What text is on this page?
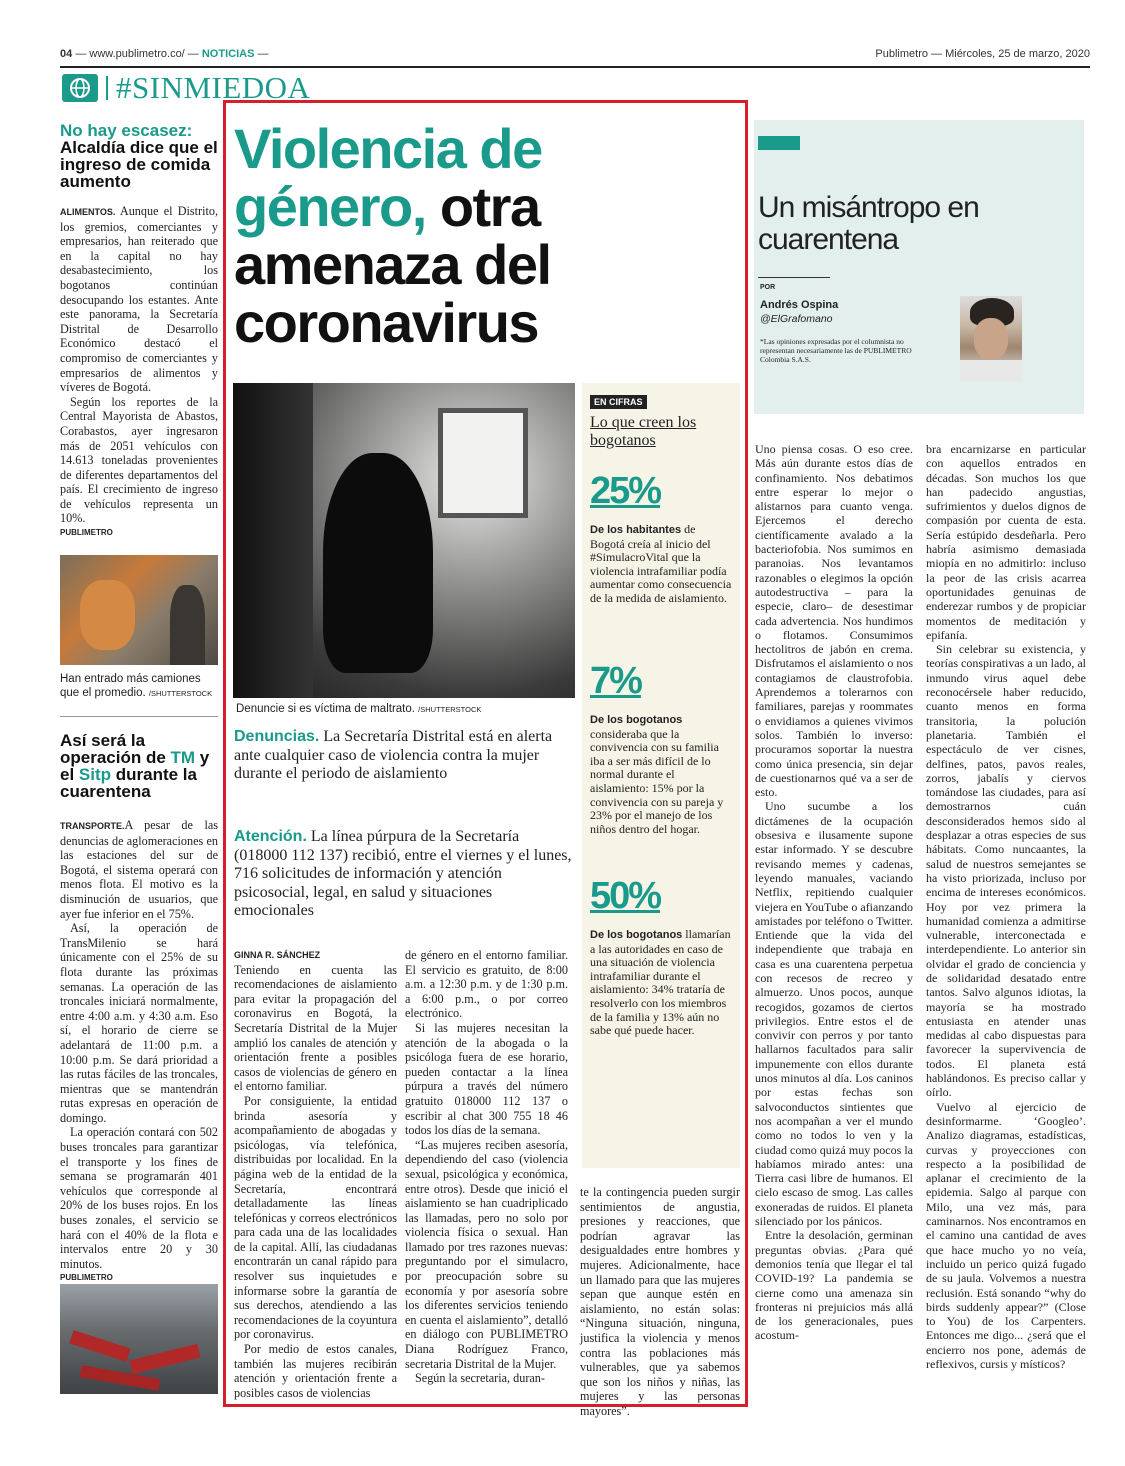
04 — www.publimetro.co/ — NOTICIAS —	Publimetro — Miércoles, 25 de marzo, 2020
#SINMIEDOA
No hay escasez:
Alcaldía dice que el ingreso de comida aumento

ALIMENTOS. Aunque el Distrito, los gremios, comerciantes y empresarios, han reiterado que en la capital no hay desabastecimiento, los bogotanos continúan desocupando los estantes. Ante este panorama, la Secretaría Distrital de Desarrollo Económico destacó el compromiso de comerciantes y empresarios de alimentos y víveres de Bogotá.

Según los reportes de la Central Mayorista de Abastos, Corabastos, ayer ingresaron más de 2051 vehículos con 14.613 toneladas provenientes de diferentes departamentos del país. El crecimiento de ingreso de vehículos representa un 10%.

PUBLIMETRO

Han entrado más camiones que el promedio. /SHUTTERSTOCK
Así será la operación de TM y el Sitp durante la cuarentena

TRANSPORTE.A pesar de las denuncias de aglomeraciones en las estaciones del sur de Bogotá, el sistema operará con menos flota. El motivo es la disminución de usuarios, que ayer fue inferior en el 75%.

Así, la operación de TransMilenio se hará únicamente con el 25% de su flota durante las próximas semanas. La operación de las troncales iniciará normalmente, entre 4:00 a.m. y 4:30 a.m. Eso sí, el horario de cierre se adelantará de 11:00 p.m. a 10:00 p.m. Se dará prioridad a las rutas fáciles de las troncales, mientras que se mantendrán rutas expresas en operación de domingo.

La operación contará con 502 buses troncales para garantizar el transporte y los fines de semana se programarán 401 vehículos que corresponde al 20% de los buses rojos. En los buses zonales, el servicio se hará con el 40% de la flota e intervalos entre 20 y 30 minutos.

PUBLIMETRO

Violencia de género, otra amenaza del coronavirus
Denuncie si es víctima de maltrato. /SHUTTERSTOCK
Denuncias. La Secretaría Distrital está en alerta ante cualquier caso de violencia contra la mujer durante el periodo de aislamiento
Atención. La línea púrpura de la Secretaría (018000 112 137) recibió, entre el viernes y el lunes, 716 solicitudes de información y atención psicosocial, legal, en salud y situaciones emocionales

GINNA R. SÁNCHEZ

Teniendo en cuenta las recomendaciones de aislamiento para evitar la propagación del coronavirus en Bogotá, la Secretaría Distrital de la Mujer amplió los canales de atención y orientación frente a posibles casos de violencias de género en el entorno familiar.

Por consiguiente, la entidad brinda asesoría y acompañamiento de abogadas y psicólogas, vía telefónica, distribuidas por localidad. En la página web de la entidad de la Secretaría, encontrará detalladamente las líneas telefónicas y correos electrónicos para cada una de las localidades de la capital. Allí, las ciudadanas encontrarán un canal rápido para resolver sus inquietudes e informarse sobre la garantía de sus derechos, atendiendo a las recomendaciones de la coyuntura por coronavirus.

Por medio de estos canales, también las mujeres recibirán atención y orientación frente a posibles casos de violencias

de género en el entorno familiar. El servicio es gratuito, de 8:00 a.m. a 12:30 p.m. y de 1:30 p.m. a 6:00 p.m., o por correo electrónico.

Si las mujeres necesitan la atención de la abogada o la psicóloga fuera de ese horario, pueden contactar a la línea púrpura a través del número gratuito 018000 112 137 o escribir al chat 300 755 18 46 todos los días de la semana.

“Las mujeres reciben asesoría, dependiendo del caso (violencia sexual, psicológica y económica, entre otros). Desde que inició el aislamiento se han cuadriplicado las llamadas, pero no solo por violencia física o sexual. Han llamado por tres razones nuevas: preguntando por el simulacro, por preocupación sobre su economía y por asesoría sobre los diferentes servicios teniendo en cuenta el aislamiento”, detalló en diálogo con PUBLIMETRO Diana Rodríguez Franco, secretaria Distrital de la Mujer.

Según la secretaria, duran-

te la contingencia pueden surgir sentimientos de angustia, presiones y reacciones, que podrían agravar las desigualdades entre hombres y mujeres. Adicionalmente, hace un llamado para que las mujeres sepan que aunque estén en aislamiento, no están solas: “Ninguna situación, ninguna, justifica la violencia y menos contra las poblaciones más vulnerables, que ya sabemos que son los niños y niñas, las mujeres y las personas mayores”.

EN CIFRAS
Lo que creen los bogotanos
25%
De los habitantes de Bogotá creía al inicio del #SimulacroVital que la violencia intrafamiliar podía aumentar como consecuencia de la medida de aislamiento.
7%
De los bogotanos consideraba que la convivencia con su familia iba a ser más difícil de lo normal durante el aislamiento: 15% por la convivencia con su pareja y 23% por el manejo de los niños dentro del hogar.
50%
De los bogotanos llamarían a las autoridades en caso de una situación de violencia intrafamiliar durante el aislamiento: 34% trataría de resolverlo con los miembros de la familia y 13% aún no sabe qué puede hacer.
Un misántropo en cuarentena
POR
Andrés Ospina
@ElGrafomano
*Las opiniones expresadas por el columnista no representan necesariamente las de PUBLIMETRO Colombia S.A.S.

Uno piensa cosas. O eso cree. Más aún durante estos días de confinamiento. Nos debatimos entre esperar lo mejor o alistarnos para cuanto venga. Ejercemos el derecho científicamente avalado a la bacteriofobia. Nos sumimos en paranoias. Nos levantamos razonables o elegimos la opción autodestructiva – para la especie, claro– de desestimar cada advertencia. Nos hundimos o flotamos. Consumimos hectolitros de jabón en crema. Disfrutamos el aislamiento o nos contagiamos de claustrofobia. Aprendemos a tolerarnos con familiares, parejas y roommates o envidiamos a quienes vivimos solos. También lo inverso: procuramos soportar la nuestra como única presencia, sin dejar de cuestionarnos qué va a ser de esto.

Uno sucumbe a los dictámenes de la ocupación obsesiva e ilusamente supone estar informado. Y se descubre revisando memes y cadenas, leyendo manuales, vaciando Netflix, repitiendo cualquier viejera en YouTube o afianzando amistades por teléfono o Twitter. Entiende que la vida del independiente que trabaja en casa es una cuarentena perpetua con recesos de recreo y almuerzo. Unos pocos, aunque recogidos, gozamos de ciertos privilegios. Entre estos el de convivir con perros y por tanto hallarnos facultados para salir impunemente con ellos durante unos minutos al día. Los caninos por estas fechas son salvoconductos sintientes que nos acompañan a ver el mundo como no todos lo ven y la ciudad como quizá muy pocos la habíamos mirado antes: una Tierra casi libre de humanos. El cielo escaso de smog. Las calles exoneradas de ruidos. El planeta silenciado por los pánicos.

Entre la desolación, germinan preguntas obvias. ¿Para qué demonios tenía que llegar el tal COVID-19? La pandemia se cierne como una amenaza sin fronteras ni prejuicios más allá de los generacionales, pues acostum-

bra encarnizarse en particular con aquellos entrados en décadas. Son muchos los que han padecido angustias, sufrimientos y duelos dignos de compasión por cuenta de esta. Sería estúpido desdeñarla. Pero habría asimismo demasiada miopía en no admitirlo: incluso la peor de las crisis acarrea oportunidades genuinas de enderezar rumbos y de propiciar momentos de meditación y epifanía.

Sin celebrar su existencia, y teorías conspirativas a un lado, al inmundo virus aquel debe reconocérsele haber reducido, cuanto menos en forma transitoria, la polución planetaria. También el espectáculo de ver cisnes, delfines, patos, pavos reales, zorros, jabalís y ciervos tomándose las ciudades, para así demostrarnos cuán desconsiderados hemos sido al desplazar a otras especies de sus hábitats. Como nuncaantes, la salud de nuestros semejantes se ha visto priorizada, incluso por encima de intereses económicos. Hoy por vez primera la humanidad comienza a admitirse vulnerable, interconectada e interdependiente. Lo anterior sin olvidar el grado de conciencia y de solidaridad desatado entre tantos. Salvo algunos idiotas, la mayoría se ha mostrado entusiasta en atender unas medidas al cabo dispuestas para favorecer la supervivencia de todos. El planeta está hablándonos. Es preciso callar y oírlo.

Vuelvo al ejercicio de desinformarme. ‘Googleo’. Analizo diagramas, estadísticas, curvas y proyecciones con respecto a la posibilidad de aplanar el crecimiento de la epidemia. Salgo al parque con Milo, una vez más, para caminarnos. Nos encontramos en el camino una cantidad de aves que hace mucho yo no veía, incluido un perico quizá fugado de su jaula. Volvemos a nuestra reclusión. Está sonando “why do birds suddenly appear?” (Close to You) de los Carpenters. Entonces me digo... ¿será que el encierro nos pone, además de reflexivos, cursis y místicos?
